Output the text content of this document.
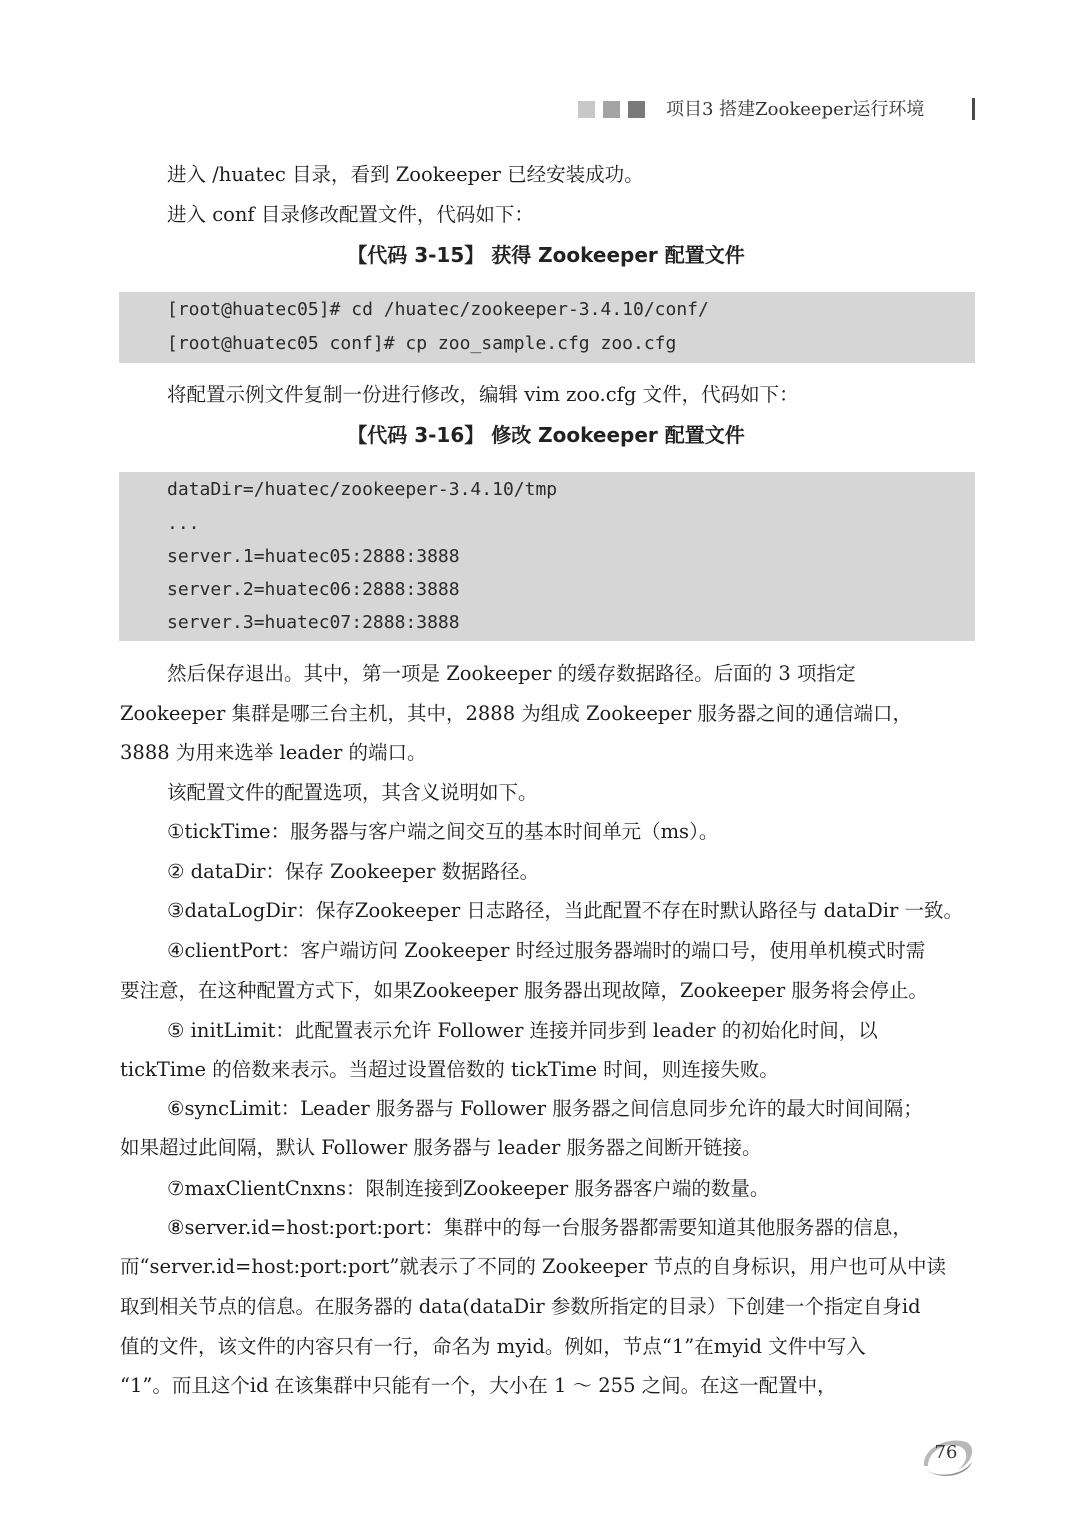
项目3 搭建Zookeeper运行环境
进入 /huatec 目录，看到 Zookeeper 已经安装成功。
进入 conf 目录修改配置文件，代码如下：
【代码 3-15】 获得 Zookeeper 配置文件
[root@huatec05]# cd /huatec/zookeeper-3.4.10/conf/
[root@huatec05 conf]# cp zoo_sample.cfg zoo.cfg
将配置示例文件复制一份进行修改，编辑 vim zoo.cfg 文件，代码如下：
【代码 3-16】 修改 Zookeeper 配置文件
dataDir=/huatec/zookeeper-3.4.10/tmp
...
server.1=huatec05:2888:3888
server.2=huatec06:2888:3888
server.3=huatec07:2888:3888
然后保存退出。其中，第一项是 Zookeeper 的缓存数据路径。后面的 3 项指定
Zookeeper 集群是哪三台主机，其中，2888 为组成 Zookeeper 服务器之间的通信端口，
3888 为用来选举 leader 的端口。
该配置文件的配置选项，其含义说明如下。
①tickTime：服务器与客户端之间交互的基本时间单元（ms）。
② dataDir：保存 Zookeeper 数据路径。
③dataLogDir：保存Zookeeper 日志路径，当此配置不存在时默认路径与 dataDir 一致。
④clientPort：客户端访问 Zookeeper 时经过服务器端时的端口号，使用单机模式时需
要注意，在这种配置方式下，如果Zookeeper 服务器出现故障，Zookeeper 服务将会停止。
⑤ initLimit：此配置表示允许 Follower 连接并同步到 leader 的初始化时间，以
tickTime 的倍数来表示。当超过设置倍数的 tickTime 时间，则连接失败。
⑥syncLimit：Leader 服务器与 Follower 服务器之间信息同步允许的最大时间间隔；
如果超过此间隔，默认 Follower 服务器与 leader 服务器之间断开链接。
⑦maxClientCnxns：限制连接到Zookeeper 服务器客户端的数量。
⑧server.id=host:port:port：集群中的每一台服务器都需要知道其他服务器的信息，
而“server.id=host:port:port”就表示了不同的 Zookeeper 节点的自身标识，用户也可从中读
取到相关节点的信息。在服务器的 data(dataDir 参数所指定的目录）下创建一个指定自身id
值的文件，该文件的内容只有一行，命名为 myid。例如，节点“1”在myid 文件中写入
“1”。而且这个id 在该集群中只能有一个，大小在 1 ～ 255 之间。在这一配置中，
76
